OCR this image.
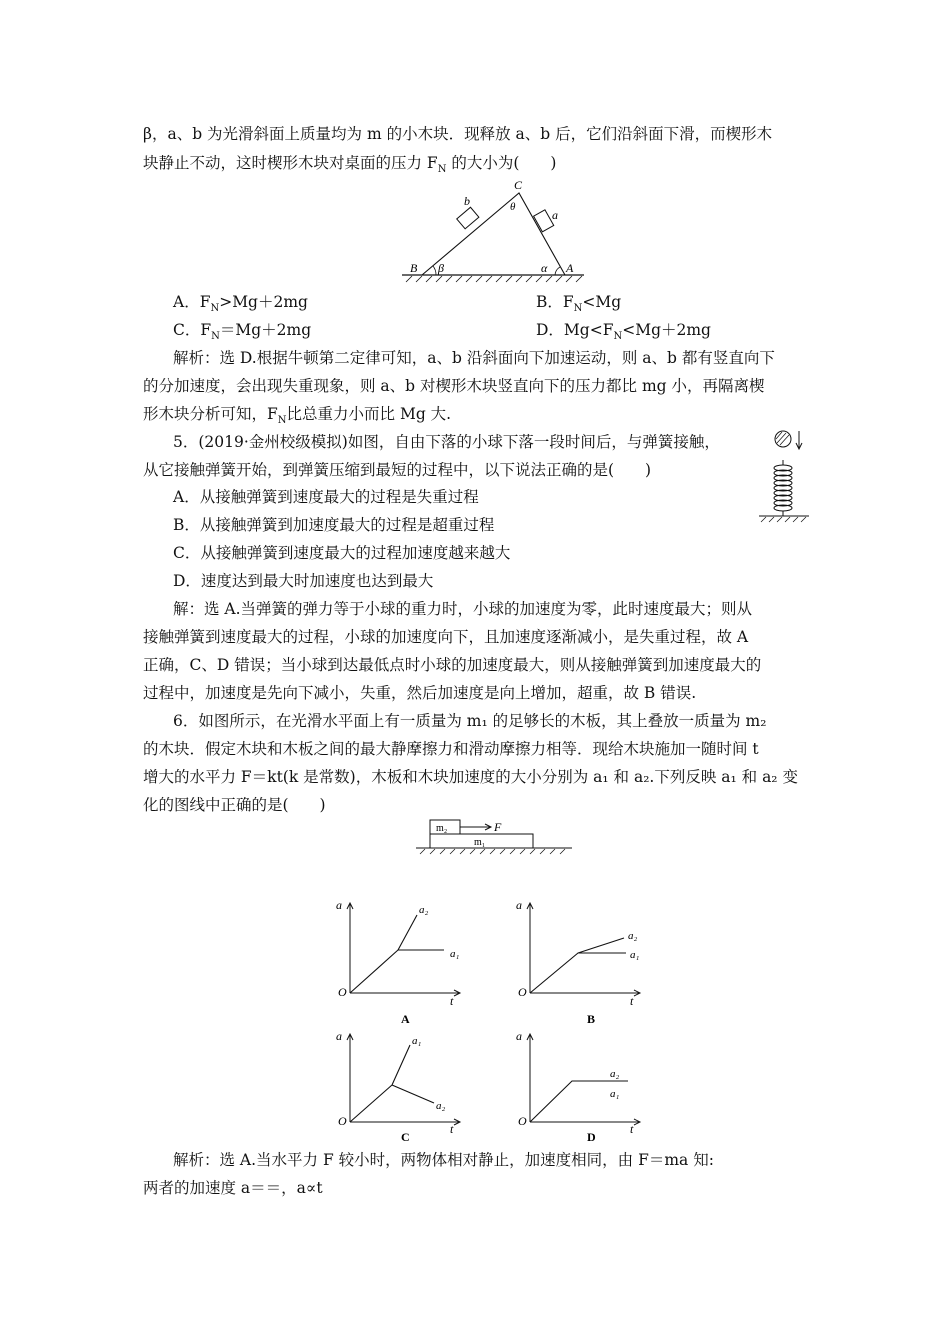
β，a、b 为光滑斜面上质量均为 m 的小木块．现释放 a、b 后，它们沿斜面下滑，而楔形木
块静止不动，这时楔形木块对桌面的压力 $F_N$ 的大小为(　　)
C
θ
b
a
B β	α A
A．$F_N>Mg+2mg$	B．$F_N<Mg$
C．$F_N=Mg+2mg$	D．$Mg<F_N<Mg+2mg$
解析：选 D.根据牛顿第二定律可知，a、b 沿斜面向下加速运动，则 a、b 都有竖直向下
的分加速度，会出现失重现象，则 a、b 对楔形木块竖直向下的压力都比 mg 小，再隔离楔
形木块分析可知，$F_N$比总重力小而比 Mg 大.
5．(2019·金州校级模拟)如图，自由下落的小球下落一段时间后，与弹簧接触，
从它接触弹簧开始，到弹簧压缩到最短的过程中，以下说法正确的是(　　)
A．从接触弹簧到速度最大的过程是失重过程
B．从接触弹簧到加速度最大的过程是超重过程
C．从接触弹簧到速度最大的过程加速度越来越大
D．速度达到最大时加速度也达到最大
解：选 A.当弹簧的弹力等于小球的重力时，小球的加速度为零，此时速度最大；则从
接触弹簧到速度最大的过程，小球的加速度向下，且加速度逐渐减小，是失重过程，故 A
正确，C、D 错误；当小球到达最低点时小球的加速度最大，则从接触弹簧到加速度最大的
过程中，加速度是先向下减小，失重，然后加速度是向上增加，超重，故 B 错误.
6．如图所示，在光滑水平面上有一质量为 m₁ 的足够长的木板，其上叠放一质量为 m₂
的木块．假定木块和木板之间的最大静摩擦力和滑动摩擦力相等．现给木块施加一随时间 t
增大的水平力 F＝kt(k 是常数)，木板和木块加速度的大小分别为 a₁ 和 a₂.下列反映 a₁ 和 a₂ 变
化的图线中正确的是(　　)
m₂	F
m₁
a
O
t
a₂
a₁
A
a
O
t
a₂
a₁
B
a
O
t
a₁
a₂
C
a
O
t
a₂
a₁
D
解析：选 A.当水平力 F 较小时，两物体相对静止，加速度相同，由 F＝ma 知:
两者的加速度 a＝＝，a∝t
